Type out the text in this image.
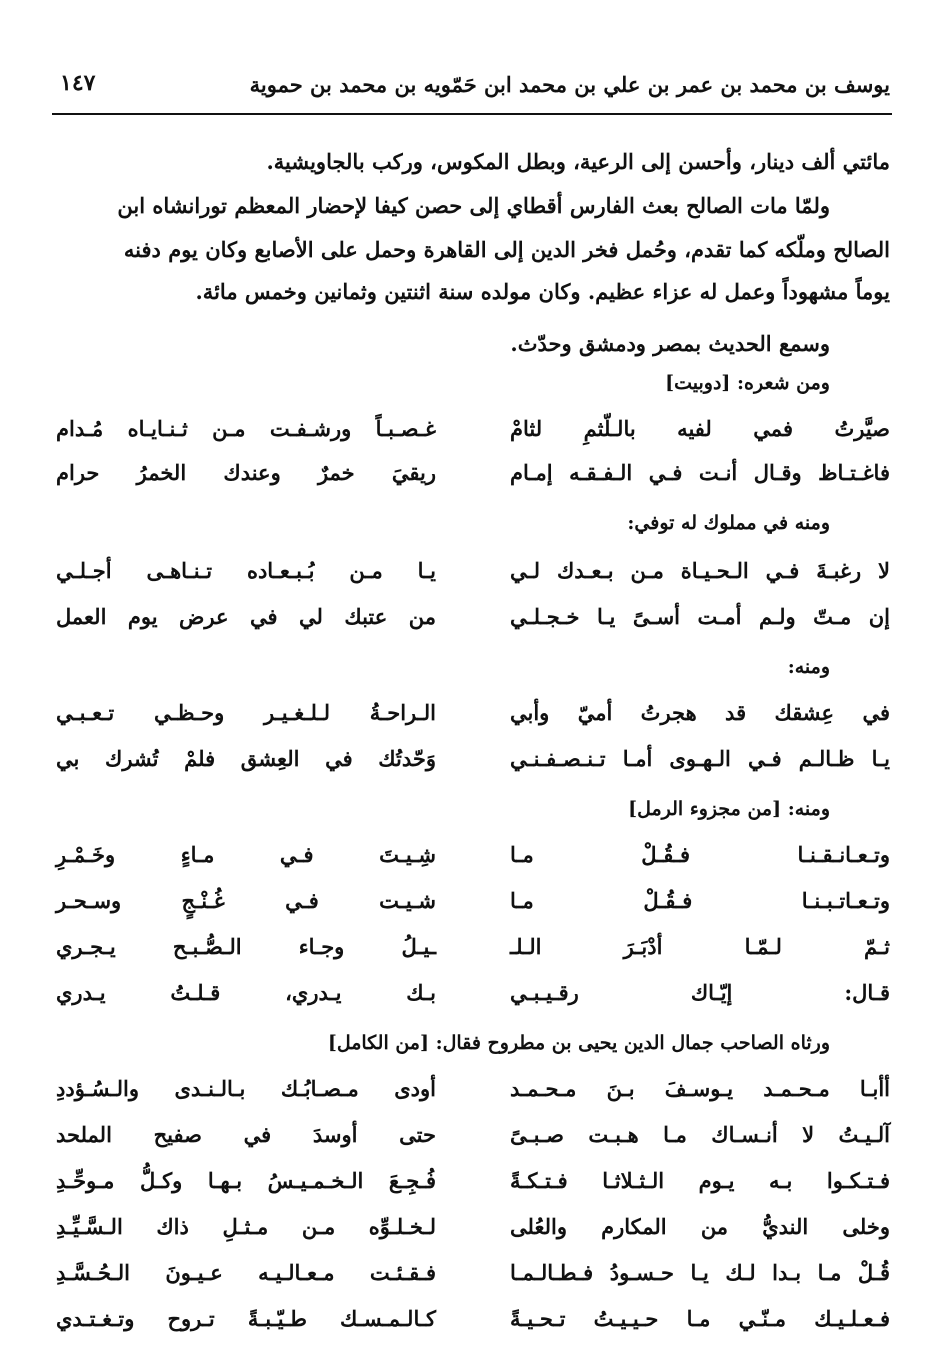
يوسف بن محمد بن عمر بن علي بن محمد ابن حَمّويه بن محمد بن حموية
١٤٧
مائتي ألف دينار، وأحسن إلى الرعية، وبطل المكوس، وركب بالجاويشية.
ولمّا مات الصالح بعث الفارس أقطاي إلى حصن كيفا لإحضار المعظم تورانشاه ابن
الصالح وملّكه كما تقدم، وحُمل فخر الدين إلى القاهرة وحمل على الأصابع وكان يوم دفنه
يوماً مشهوداً وعمل له عزاء عظيم. وكان مولده سنة اثنتين وثمانين وخمس مائة.
وسمع الحديث بمصر ودمشق وحدّث.
ومن شعره: [دوبيت]
صيَّرتُ فمي لفيه بالـلّثمِ لثامْ
غـصـبـاً ورشـفـت مـن ثـنـايـاه مُـدام
فاغـتـاظ وقـال أنـت فـي الـفـقـه إمـام
ريقيَ خمرٌ وعندك الخمرُ حرام
ومنه في مملوك له توفي:
لا رغبـةَ فـي الـحـيـاة مـن بـعـدك لـي
يـا مـن بُـبـعـاده تـنـاهـى أجـلـي
إن مـتّ ولـم أمـت أسـىً يـا خـجـلـي
من عتبك لي في عرض يوم العمل
ومنه:
في عِشقك قد هجرتُ أميّ وأبي
الـراحـةُ لـلـغـيـر وحـظـي تـعـبـي
يـا ظـالـم فـي الـهـوى أمـا تـنـصـفـنـي
وَحّدتُك في العِشق فلمْ تُشرك بي
ومنه: [من مجزوء الرمل]
وتـعـانـقـنـا فـقُـلْ مـا
شِـيـتَ فـي مـاءٍ وخَـمْـرِ
وتـعـاتـبـنـا فـقُـلْ مـا
شـيـت فـي غُـنْـجٍ وسـحـر
ثـمّ لـمّـا أدْبَـرَ الـلـ
ـيـلُ وجـاء الـصُّـبـح يـجـري
قـال: إيّـاك رقـيـبـي
بـك يـدري، قـلـتُ يـدري
ورثاه الصاحب جمال الدين يحيى بن مطروح فقال: [من الكامل]
أأبـا مـحـمـد يـوسـفَ بـنَ مـحـمـد
أودى مـصـابُـك بـالـنـدى والـسُـؤددِ
آلـيـتُ لا أنـسـاك مـا هـبـت صـبـىً
حتى أوسدَ في صفيح الملحد
فـتـكـوا بـه يـوم الـثـلاثـا فـتـكـةً
فُـجِـعَ الـخـمـيـسُ بـهـا وكـلُّ مـوحِّـدِ
وخلى النديُّ من المكارم والعُلى
لـخـلـوِّه مـن مـثـلِ ذاك الـسَّـيِّـدِ
قُـلْ مـا بـدا لـك يـا حـسـودُ فـطـالـمـا
فـقـئـت مـعـالـيـه عـيـونَ الـحُـسَّـدِ
فـعـلـيـك مـنّـي مـا حـيـيـتُ تـحـيـةً
كـالـمـسـك طـيّـبـةً تـروح وتـغـتـدي
